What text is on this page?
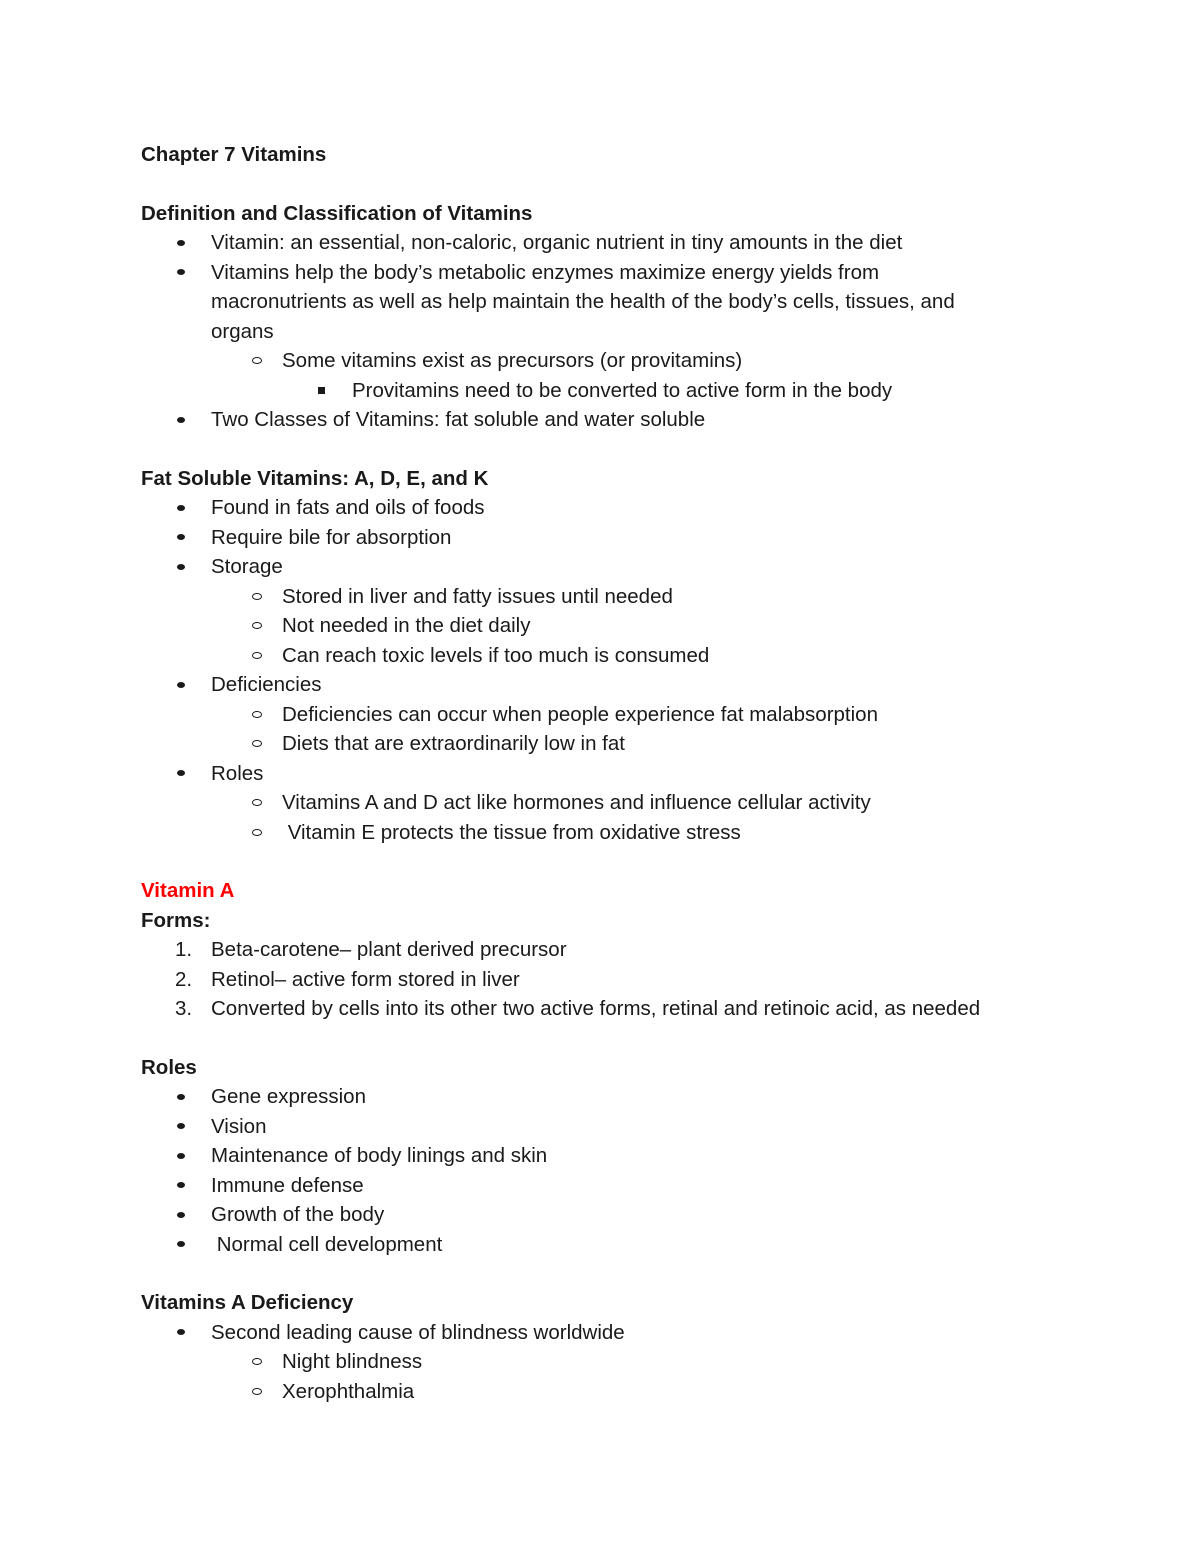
Chapter 7 Vitamins

Definition and Classification of Vitamins

Vitamin: an essential, non-caloric, organic nutrient in tiny amounts in the diet
Vitamins help the body’s metabolic enzymes maximize energy yields from macronutrients as well as help maintain the health of the body’s cells, tissues, and organs
Some vitamins exist as precursors (or provitamins)
Provitamins need to be converted to active form in the body
Two Classes of Vitamins: fat soluble and water soluble

Fat Soluble Vitamins: A, D, E, and K

Found in fats and oils of foods
Require bile for absorption
Storage
Stored in liver and fatty issues until needed
Not needed in the diet daily
Can reach toxic levels if too much is consumed
Deficiencies
Deficiencies can occur when people experience fat malabsorption
Diets that are extraordinarily low in fat
Roles
Vitamins A and D act like hormones and influence cellular activity
Vitamin E protects the tissue from oxidative stress

Vitamin A

Forms:

1. Beta-carotene– plant derived precursor
2. Retinol– active form stored in liver
3. Converted by cells into its other two active forms, retinal and retinoic acid, as needed

Roles

Gene expression
Vision
Maintenance of body linings and skin
Immune defense
Growth of the body
Normal cell development

Vitamins A Deficiency

Second leading cause of blindness worldwide
Night blindness
Xerophthalmia
